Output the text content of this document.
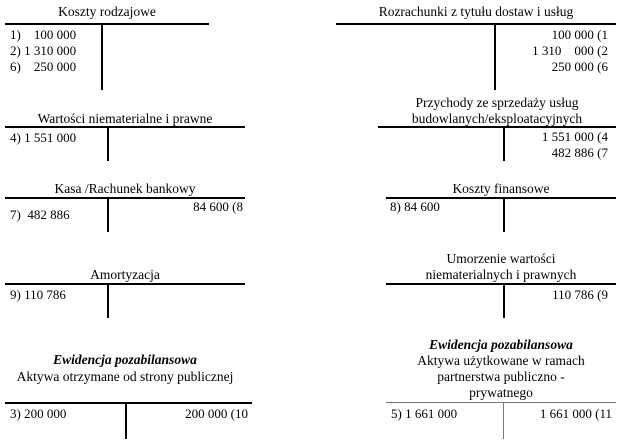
Koszty rodzajowe
1)    100 000
2) 1 310 000
6)    250 000
Rozrachunki z tytułu dostaw i usług
100 000 (1
1 310    000 (2
250 000 (6
Wartości niematerialne i prawne
4) 1 551 000
Przychody ze sprzedaży usług
budowlanych/eksploatacyjnych
1 551 000 (4
482 886 (7
Kasa /Rachunek bankowy
7)  482 886
84 600 (8
Koszty finansowe
8) 84 600
Amortyzacja
9) 110 786
Umorzenie wartości
niematerialnych i prawnych
110 786 (9
Ewidencja pozabilansowa
Aktywa otrzymane od strony publicznej
3) 200 000	200 000 (10
Ewidencja pozabilansowa
Aktywa użytkowane w ramach
partnerstwa publiczno -
prywatnego
5) 1 661 000	1 661 000 (11
